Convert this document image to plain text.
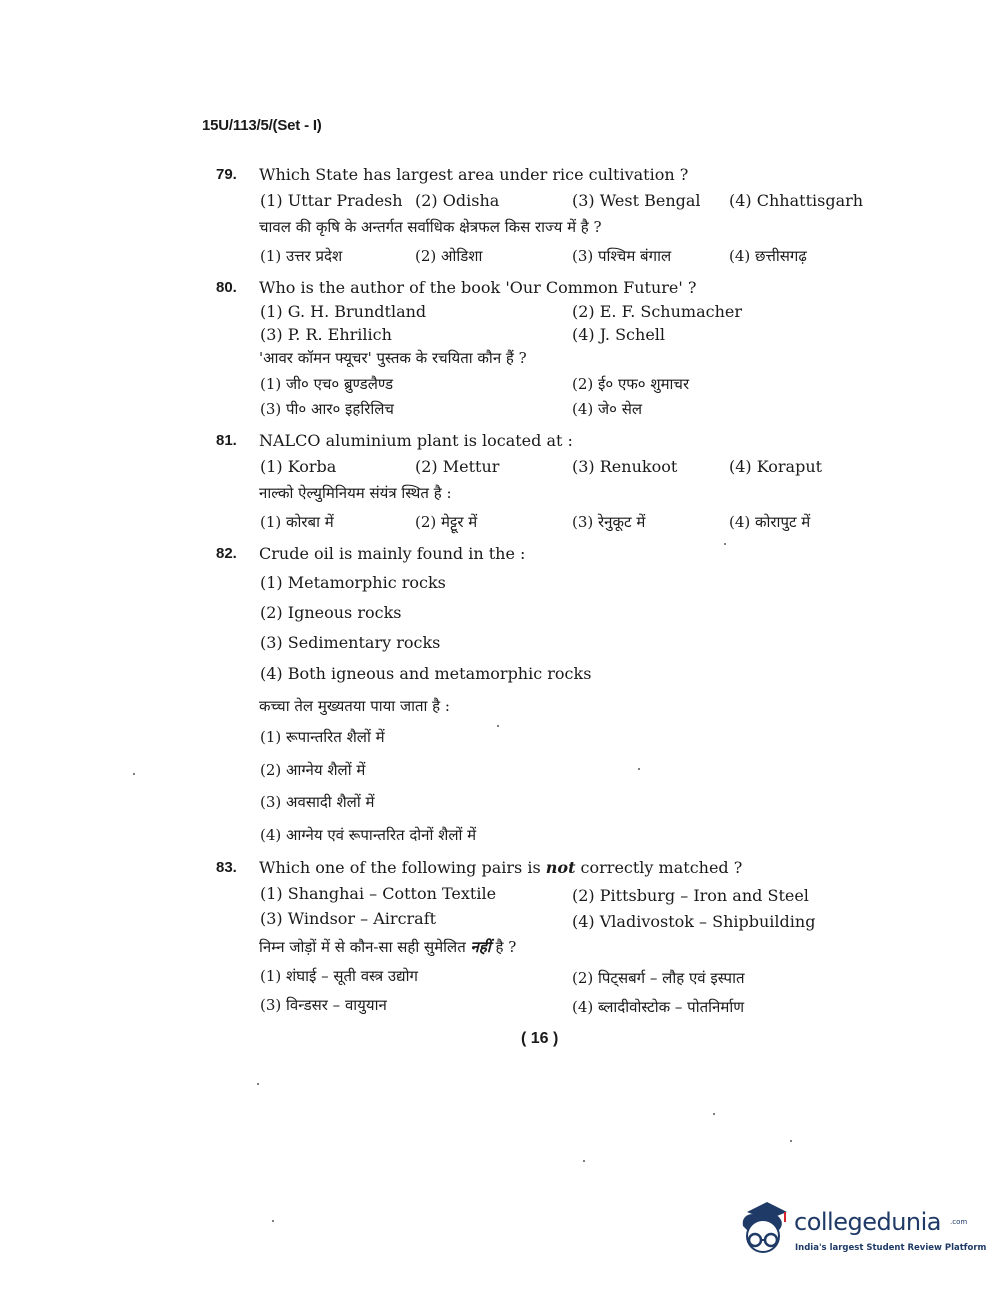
15U/113/5/(Set - I)
79. Which State has largest area under rice cultivation ?
(1) Uttar Pradesh (2) Odisha	(3) West Bengal (4) Chhattisgarh
चावल की कृषि के अन्तर्गत सर्वाधिक क्षेत्रफल किस राज्य में है ?
(1) उत्तर प्रदेश	(2) ओडिशा	(3) पश्चिम बंगाल	(4) छत्तीसगढ़
80. Who is the author of the book 'Our Common Future' ?
(1) G. H. Brundtland	(2) E. F. Schumacher
(3) P. R. Ehrilich	(4) J. Schell
'आवर कॉमन फ्यूचर' पुस्तक के रचयिता कौन हैं ?
(1) जी० एच० ब्रुण्डलैण्ड	(2) ई० एफ० शुमाचर
(3) पी० आर० इहरिलिच	(4) जे० सेल
81. NALCO aluminium plant is located at :
(1) Korba	(2) Mettur	(3) Renukoot	(4) Koraput
नाल्को ऐल्युमिनियम संयंत्र स्थित है :
(1) कोरबा में	(2) मेट्टूर में	(3) रेनुकूट में	(4) कोरापुट में
82. Crude oil is mainly found in the :
(1) Metamorphic rocks
(2) Igneous rocks
(3) Sedimentary rocks
(4) Both igneous and metamorphic rocks
कच्चा तेल मुख्यतया पाया जाता है :
(1) रूपान्तरित शैलों में
(2) आग्नेय शैलों में
(3) अवसादी शैलों में
(4) आग्नेय एवं रूपान्तरित दोनों शैलों में
83. Which one of the following pairs is not correctly matched ?
(1) Shanghai – Cotton Textile	(2) Pittsburg – Iron and Steel
(3) Windsor – Aircraft	(4) Vladivostok – Shipbuilding
निम्न जोड़ों में से कौन-सा सही सुमेलित नहीं है ?
(1) शंघाई – सूती वस्त्र उद्योग	(2) पिट्सबर्ग – लौह एवं इस्पात
(3) विन्डसर – वायुयान	(4) ब्लादीवोस्टोक – पोतनिर्माण
( 16 )
collegedunia .com
India's largest Student Review Platform
